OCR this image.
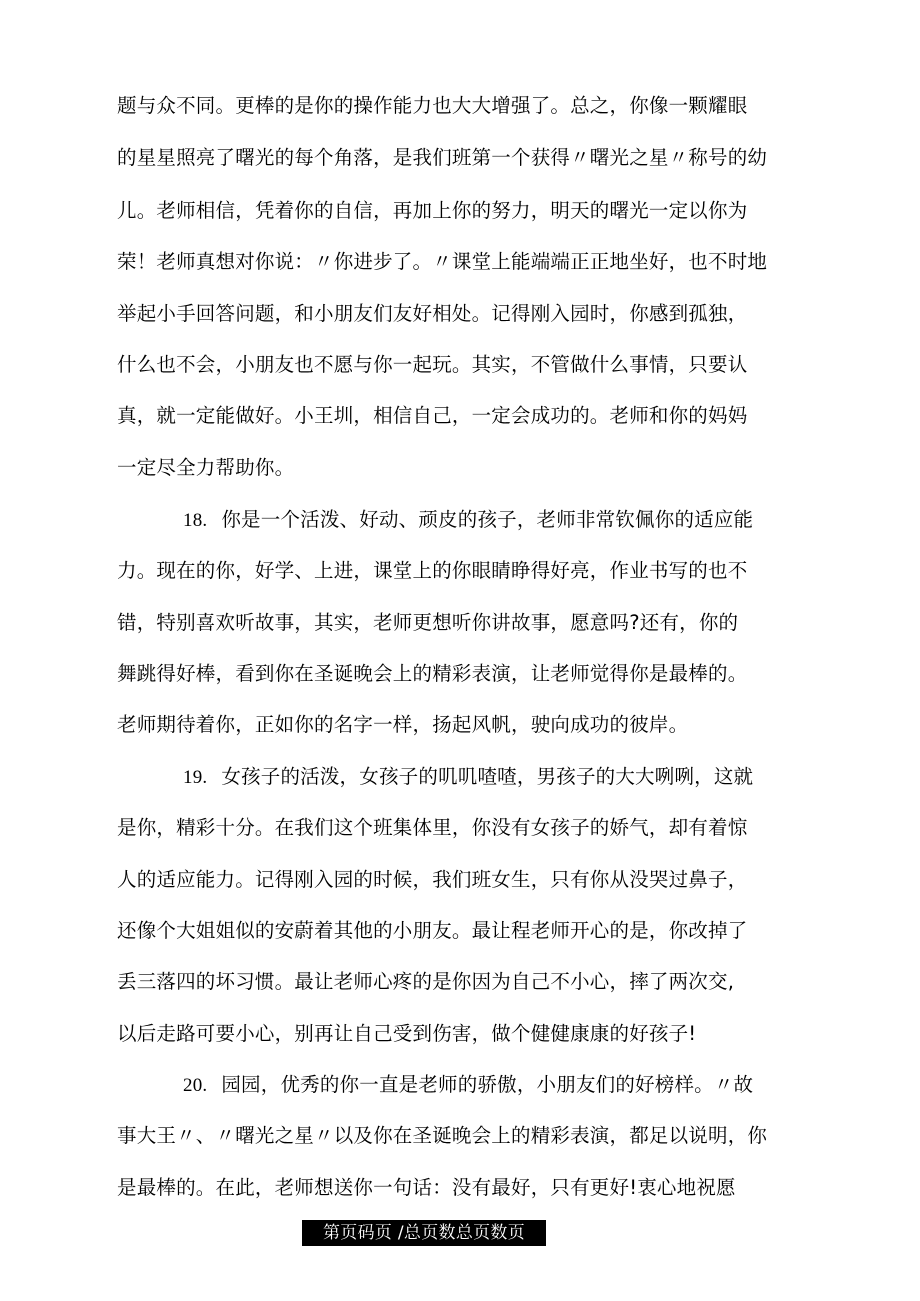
题与众不同。更棒的是你的操作能力也大大增强了。总之，你像一颗耀眼
的星星照亮了曙光的每个角落，是我们班第一个获得〃曙光之星〃称号的幼
儿。老师相信，凭着你的自信，再加上你的努力，明天的曙光一定以你为
荣！老师真想对你说：〃你进步了。〃课堂上能端端正正地坐好，也不时地
举起小手回答问题，和小朋友们友好相处。记得刚入园时，你感到孤独，
什么也不会，小朋友也不愿与你一起玩。其实，不管做什么事情，只要认
真，就一定能做好。小王圳，相信自己，一定会成功的。老师和你的妈妈
一定尽全力帮助你。
18. 你是一个活泼、好动、顽皮的孩子，老师非常钦佩你的适应能
力。现在的你，好学、上进，课堂上的你眼睛睁得好亮，作业书写的也不
错，特别喜欢听故事，其实，老师更想听你讲故事，愿意吗?还有，你的
舞跳得好棒，看到你在圣诞晚会上的精彩表演，让老师觉得你是最棒的。
老师期待着你，正如你的名字一样，扬起风帆，驶向成功的彼岸。
19. 女孩子的活泼，女孩子的叽叽喳喳，男孩子的大大咧咧，这就
是你，精彩十分。在我们这个班集体里，你没有女孩子的娇气，却有着惊
人的适应能力。记得刚入园的时候，我们班女生，只有你从没哭过鼻子，
还像个大姐姐似的安蔚着其他的小朋友。最让程老师开心的是，你改掉了
丢三落四的坏习惯。最让老师心疼的是你因为自己不小心，摔了两次交,
以后走路可要小心，别再让自己受到伤害，做个健健康康的好孩子!
20. 园园，优秀的你一直是老师的骄傲，小朋友们的好榜样。〃故
事大王〃、〃曙光之星〃以及你在圣诞晚会上的精彩表演，都足以说明，你
是最棒的。在此，老师想送你一句话：没有最好，只有更好!衷心地祝愿
第页码页 /总页数总页数页
